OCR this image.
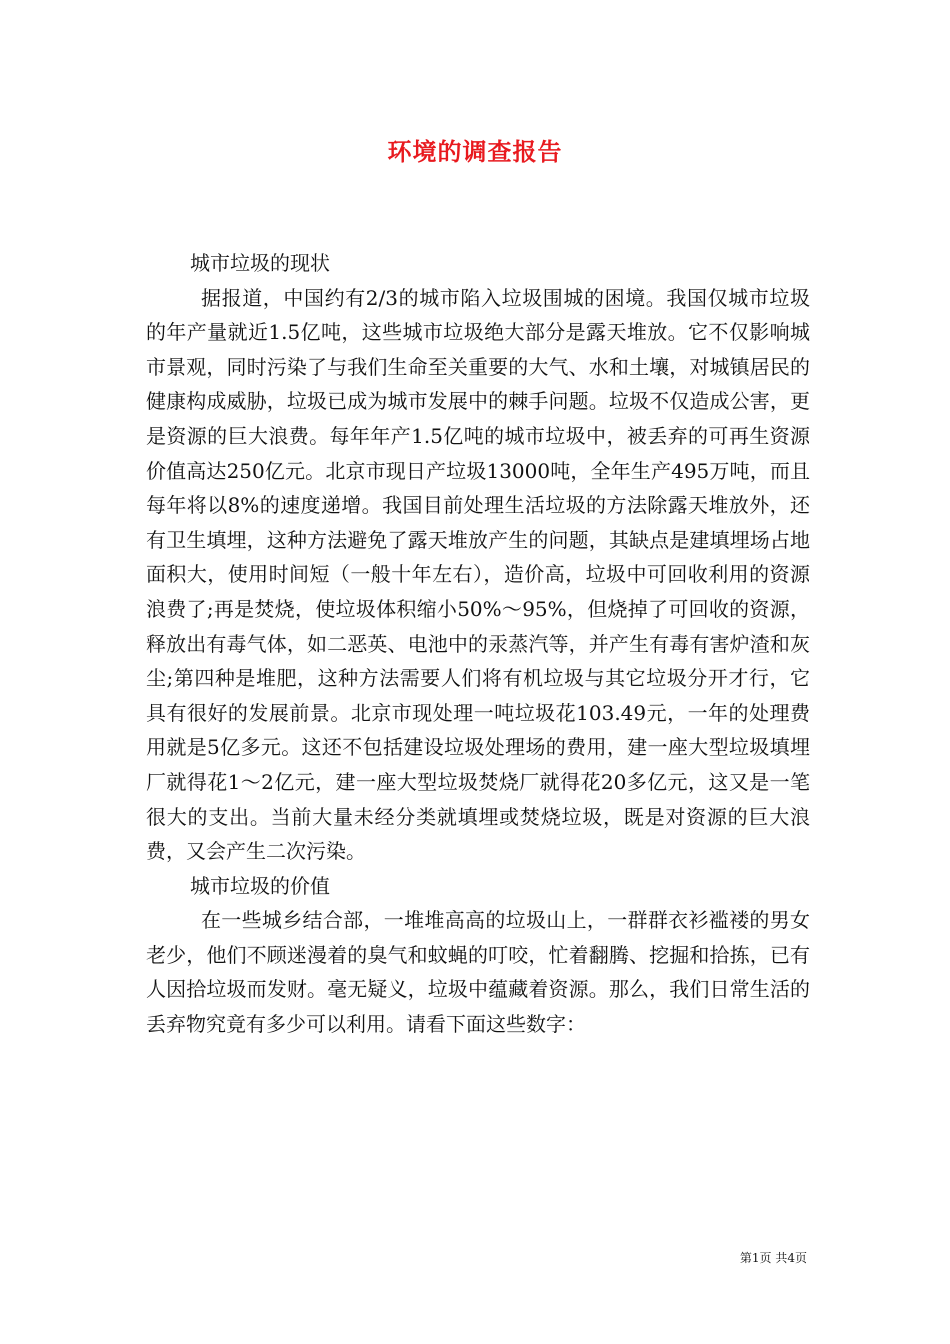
环境的调查报告

城市垃圾的现状

据报道，中国约有2/3的城市陷入垃圾围城的困境。我国仅城市垃圾的年产量就近1.5亿吨，这些城市垃圾绝大部分是露天堆放。它不仅影响城市景观，同时污染了与我们生命至关重要的大气、水和土壤，对城镇居民的健康构成威胁，垃圾已成为城市发展中的棘手问题。垃圾不仅造成公害，更是资源的巨大浪费。每年年产1.5亿吨的城市垃圾中，被丢弃的可再生资源价值高达250亿元。北京市现日产垃圾13000吨，全年生产495万吨，而且每年将以8%的速度递增。我国目前处理生活垃圾的方法除露天堆放外，还有卫生填埋，这种方法避免了露天堆放产生的问题，其缺点是建填埋场占地面积大，使用时间短（一般十年左右），造价高，垃圾中可回收利用的资源浪费了;再是焚烧，使垃圾体积缩小50%～95%，但烧掉了可回收的资源，释放出有毒气体，如二恶英、电池中的汞蒸汽等，并产生有毒有害炉渣和灰尘;第四种是堆肥，这种方法需要人们将有机垃圾与其它垃圾分开才行，它具有很好的发展前景。北京市现处理一吨垃圾花103.49元，一年的处理费用就是5亿多元。这还不包括建设垃圾处理场的费用，建一座大型垃圾填埋厂就得花1～2亿元，建一座大型垃圾焚烧厂就得花20多亿元，这又是一笔很大的支出。当前大量未经分类就填埋或焚烧垃圾，既是对资源的巨大浪费，又会产生二次污染。

城市垃圾的价值

在一些城乡结合部，一堆堆高高的垃圾山上，一群群衣衫褴褛的男女老少，他们不顾迷漫着的臭气和蚊蝇的叮咬，忙着翻腾、挖掘和拾拣，已有人因拾垃圾而发财。毫无疑义，垃圾中蕴藏着资源。那么，我们日常生活的丢弃物究竟有多少可以利用。请看下面这些数字：

第1页 共4页
